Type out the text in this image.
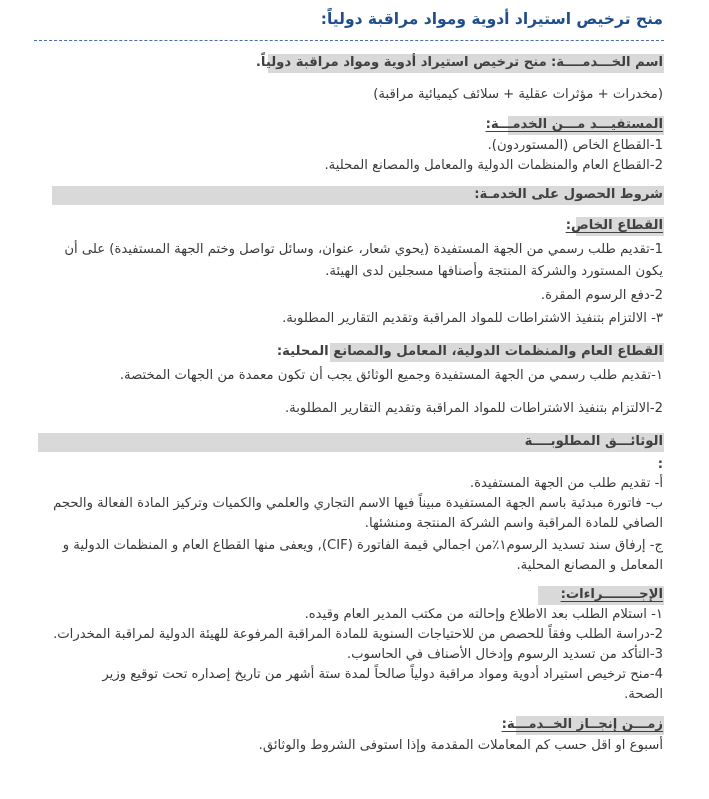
منح ترخيص استيراد أدوية ومواد مراقبة دولياً:
اسم الخـــدمــــة: منح ترخيص استيراد أدوية ومواد مراقبة دولياً.
(مخدرات + مؤثرات عقلية + سلائف كيميائية مراقبة)
المستفيـــد مـــن الخدمـــة:
1-القطاع الخاص (المستوردون).
2-القطاع العام والمنظمات الدولية والمعامل والمصانع المحلية.
شروط الحصول على الخدمـة:
القطاع الخاص:
1-تقديم طلب رسمي من الجهة المستفيدة (يحوي شعار، عنوان، وسائل تواصل وختم الجهة المستفيدة) على أن
يكون المستورد والشركة المنتجة وأصنافها مسجلين لدى الهيئة.
2-دفع الرسوم المقرة.
٣- الالتزام بتنفيذ الاشتراطات للمواد المراقبة وتقديم التقارير المطلوبة.
القطاع العام والمنظمات الدولية، المعامل والمصانع المحلية:
١-تقديم طلب رسمي من الجهة المستفيدة وجميع الوثائق يجب أن تكون معمدة من الجهات المختصة.
2-الالتزام بتنفيذ الاشتراطات للمواد المراقبة وتقديم التقارير المطلوبة.
الوثائـــق المطلوبــــة
:
أ- تقديم طلب من الجهة المستفيدة.
ب- فاتورة مبدئية باسم الجهة المستفيدة مبيناً فيها الاسم التجاري والعلمي والكميات وتركيز المادة الفعالة والحجم
الصافي للمادة المراقبة واسم الشركة المنتجة ومنشئها.
ج- إرفاق سند تسديد الرسوم١٪من اجمالي قيمة الفاتورة (CIF), ويعفى منها القطاع العام و المنظمات الدولية و
المعامل و المصانع المحلية.
الإجــــــــراءات:
١- استلام الطلب بعد الاطلاع وإحالته من مكتب المدير العام وقيده.
2-دراسة الطلب وفقاً للحصص من للاحتياجات السنوية للمادة المراقبة المرفوعة للهيئة الدولية لمراقبة المخدرات.
3-التأكد من تسديد الرسوم وإدخال الأصناف في الحاسوب.
4-منح ترخيص استيراد أدوية ومواد مراقبة دولياً صالحاً لمدة ستة أشهر من تاريخ إصداره تحت توقيع وزير
الصحة.
زمـــن إنجــاز الخــدمـــة:
أسبوع او اقل حسب كم المعاملات المقدمة وإذا استوفى الشروط والوثائق.
